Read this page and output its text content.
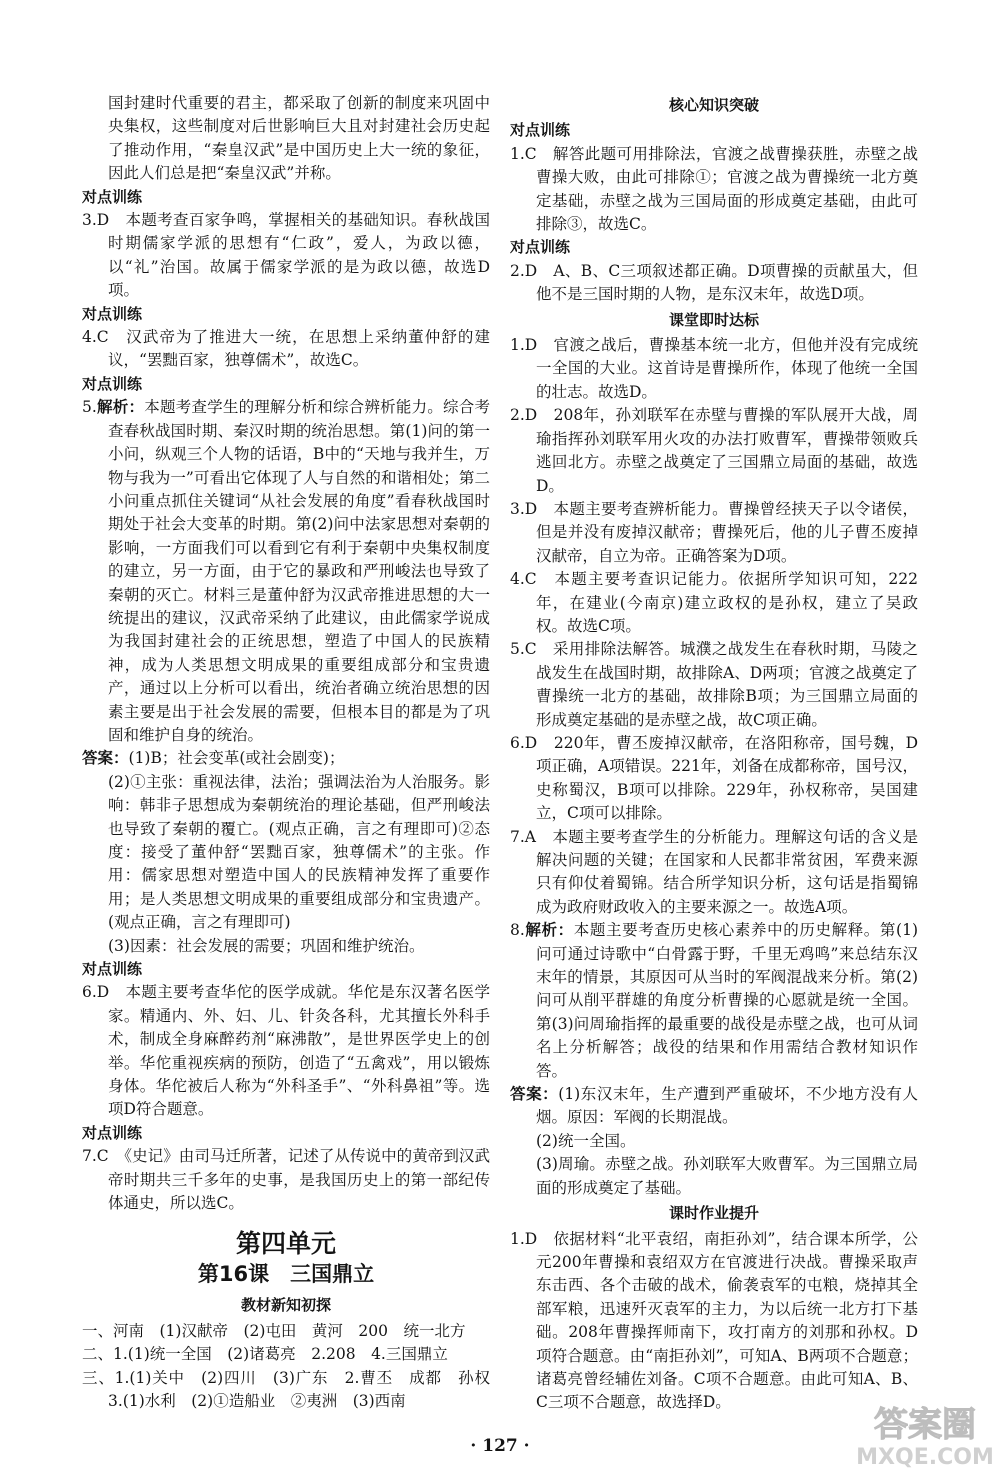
国封建时代重要的君主，都采取了创新的制度来巩固中央集权，这些制度对后世影响巨大且对封建社会历史起了推动作用，“秦皇汉武”是中国历史上大一统的象征，因此人们总是把“秦皇汉武”并称。

对点训练

3.D　本题考查百家争鸣，掌握相关的基础知识。春秋战国时期儒家学派的思想有“仁政”，爱人，为政以德，以“礼”治国。故属于儒家学派的是为政以德，故选D项。

对点训练

4.C　汉武帝为了推进大一统，在思想上采纳董仲舒的建议，“罢黜百家，独尊儒术”，故选C。

对点训练

5.解析：本题考查学生的理解分析和综合辨析能力。综合考查春秋战国时期、秦汉时期的统治思想。第(1)问的第一小问，纵观三个人物的话语，B中的“天地与我并生，万物与我为一”可看出它体现了人与自然的和谐相处；第二小问重点抓住关键词“从社会发展的角度”看春秋战国时期处于社会大变革的时期。第(2)问中法家思想对秦朝的影响，一方面我们可以看到它有利于秦朝中央集权制度的建立，另一方面，由于它的暴政和严刑峻法也导致了秦朝的灭亡。材料三是董仲舒为汉武帝推进思想的大一统提出的建议，汉武帝采纳了此建议，由此儒家学说成为我国封建社会的正统思想，塑造了中国人的民族精神，成为人类思想文明成果的重要组成部分和宝贵遗产，通过以上分析可以看出，统治者确立统治思想的因素主要是出于社会发展的需要，但根本目的都是为了巩固和维护自身的统治。

答案：(1)B；社会变革(或社会剧变)；

(2)①主张：重视法律，法治；强调法治为人治服务。影响：韩非子思想成为秦朝统治的理论基础，但严刑峻法也导致了秦朝的覆亡。(观点正确，言之有理即可)②态度：接受了董仲舒“罢黜百家，独尊儒术”的主张。作用：儒家思想对塑造中国人的民族精神发挥了重要作用；是人类思想文明成果的重要组成部分和宝贵遗产。(观点正确，言之有理即可)

(3)因素：社会发展的需要；巩固和维护统治。

对点训练

6.D　本题主要考查华佗的医学成就。华佗是东汉著名医学家。精通内、外、妇、儿、针灸各科，尤其擅长外科手术，制成全身麻醉药剂“麻沸散”，是世界医学史上的创举。华佗重视疾病的预防，创造了“五禽戏”，用以锻炼身体。华佗被后人称为“外科圣手”、“外科鼻祖”等。选项D符合题意。

对点训练

7.C　《史记》由司马迁所著，记述了从传说中的黄帝到汉武帝时期共三千多年的史事，是我国历史上的第一部纪传体通史，所以选C。

第四单元

第16课　三国鼎立

教材新知初探

一、河南　(1)汉献帝　(2)屯田　黄河　200　统一北方

二、1.(1)统一全国　(2)诸葛亮　2.208　4.三国鼎立

三、1.(1)关中　(2)四川　(3)广东　2.曹丕　成都　孙权　3.(1)水利　(2)①造船业　②夷洲　(3)西南

核心知识突破

对点训练

1.C　解答此题可用排除法，官渡之战曹操获胜，赤壁之战曹操大败，由此可排除①；官渡之战为曹操统一北方奠定基础，赤壁之战为三国局面的形成奠定基础，由此可排除③，故选C。

对点训练

2.D　A、B、C三项叙述都正确。D项曹操的贡献虽大，但他不是三国时期的人物，是东汉末年，故选D项。

课堂即时达标

1.D　官渡之战后，曹操基本统一北方，但他并没有完成统一全国的大业。这首诗是曹操所作，体现了他统一全国的壮志。故选D。

2.D　208年，孙刘联军在赤壁与曹操的军队展开大战，周瑜指挥孙刘联军用火攻的办法打败曹军，曹操带领败兵逃回北方。赤壁之战奠定了三国鼎立局面的基础，故选D。

3.D　本题主要考查辨析能力。曹操曾经挟天子以令诸侯，但是并没有废掉汉献帝；曹操死后，他的儿子曹丕废掉汉献帝，自立为帝。正确答案为D项。

4.C　本题主要考查识记能力。依据所学知识可知，222年，在建业(今南京)建立政权的是孙权，建立了吴政权。故选C项。

5.C　采用排除法解答。城濮之战发生在春秋时期，马陵之战发生在战国时期，故排除A、D两项；官渡之战奠定了曹操统一北方的基础，故排除B项；为三国鼎立局面的形成奠定基础的是赤壁之战，故C项正确。

6.D　220年，曹丕废掉汉献帝，在洛阳称帝，国号魏，D项正确，A项错误。221年，刘备在成都称帝，国号汉，史称蜀汉，B项可以排除。229年，孙权称帝，吴国建立，C项可以排除。

7.A　本题主要考查学生的分析能力。理解这句话的含义是解决问题的关键；在国家和人民都非常贫困，军费来源只有仰仗着蜀锦。结合所学知识分析，这句话是指蜀锦成为政府财政收入的主要来源之一。故选A项。

8.解析：本题主要考查历史核心素养中的历史解释。第(1)问可通过诗歌中“白骨露于野，千里无鸡鸣”来总结东汉末年的情景，其原因可从当时的军阀混战来分析。第(2)问可从削平群雄的角度分析曹操的心愿就是统一全国。第(3)问周瑜指挥的最重要的战役是赤壁之战，也可从词名上分析解答；战役的结果和作用需结合教材知识作答。

答案：(1)东汉末年，生产遭到严重破坏，不少地方没有人烟。原因：军阀的长期混战。

(2)统一全国。

(3)周瑜。赤壁之战。孙刘联军大败曹军。为三国鼎立局面的形成奠定了基础。

课时作业提升

1.D　依据材料“北平袁绍，南拒孙刘”，结合课本所学，公元200年曹操和袁绍双方在官渡进行决战。曹操采取声东击西、各个击破的战术，偷袭袁军的屯粮，烧掉其全部军粮，迅速歼灭袁军的主力，为以后统一北方打下基础。208年曹操挥师南下，攻打南方的刘那和孙权。D项符合题意。由“南拒孙刘”，可知A、B两项不合题意；诸葛亮曾经辅佐刘备。C项不合题意。由此可知A、B、C三项不合题意，故选择D。

· 127 ·
答案圈
MXQE.COM
